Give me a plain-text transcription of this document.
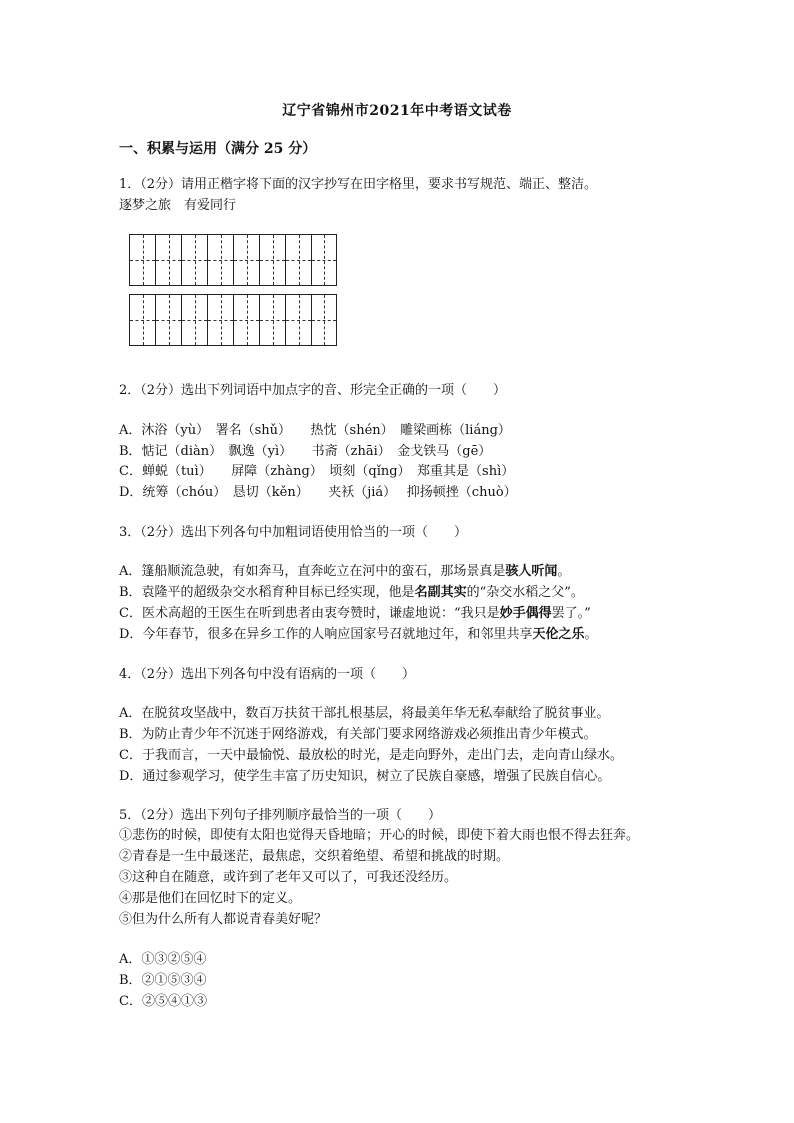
辽宁省锦州市2021年中考语文试卷
一、积累与运用（满分 25 分）
1．（2分）请用正楷字将下面的汉字抄写在田字格里，要求书写规范、端正、整洁。
逐梦之旅　有爱同行
2．（2分）选出下列词语中加点字的音、形完全正确的一项（　　）
A．沐浴（yù）　署名（shǔ）　　热忱（shén）　雕梁画栋（liáng）
B．惦记（diàn）　飘逸（yì）　　书斋（zhāi）　金戈铁马（gē）
C．蝉蜕（tuì）　　屏障（zhàng）　顷刻（qǐng）　郑重其是（shì）
D．统筹（chóu）　恳切（kěn）　　夹袄（jiá）　 抑扬顿挫（chuò）
3．（2分）选出下列各句中加粗词语使用恰当的一项（　　）
A．篷船顺流急驶，有如奔马，直奔屹立在河中的蛮石，那场景真是骇人听闻。
B．袁隆平的超级杂交水稻育种目标已经实现，他是名副其实的“杂交水稻之父”。
C．医术高超的王医生在听到患者由衷夸赞时，谦虚地说：“我只是妙手偶得罢了。”
D．今年春节，很多在异乡工作的人响应国家号召就地过年，和邻里共享天伦之乐。
4．（2分）选出下列各句中没有语病的一项（　　）
A．在脱贫攻坚战中，数百万扶贫干部扎根基层，将最美年华无私奉献给了脱贫事业。
B．为防止青少年不沉迷于网络游戏，有关部门要求网络游戏必须推出青少年模式。
C．于我而言，一天中最愉悦、最放松的时光，是走向野外，走出门去，走向青山绿水。
D．通过参观学习，使学生丰富了历史知识，树立了民族自豪感，增强了民族自信心。
5．（2分）选出下列句子排列顺序最恰当的一项（　　）
①悲伤的时候，即使有太阳也觉得天昏地暗；开心的时候，即使下着大雨也恨不得去狂奔。
②青春是一生中最迷茫，最焦虑，交织着绝望、希望和挑战的时期。
③这种自在随意，或许到了老年又可以了，可我还没经历。
④那是他们在回忆时下的定义。
⑤但为什么所有人都说青春美好呢？
A．①③②⑤④
B．②①⑤③④
C．②⑤④①③
